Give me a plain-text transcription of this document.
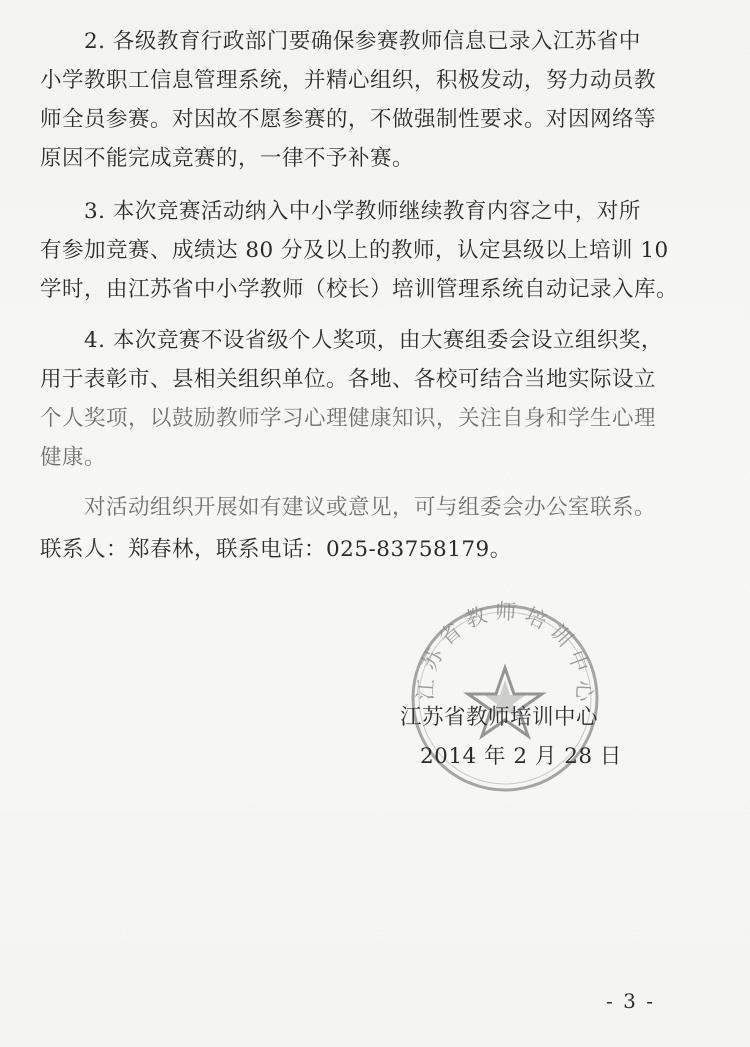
2. 各级教育行政部门要确保参赛教师信息已录入江苏省中
小学教职工信息管理系统，并精心组织，积极发动，努力动员教
师全员参赛。对因故不愿参赛的，不做强制性要求。对因网络等
原因不能完成竞赛的，一律不予补赛。
3. 本次竞赛活动纳入中小学教师继续教育内容之中，对所
有参加竞赛、成绩达 80 分及以上的教师，认定县级以上培训 10
学时，由江苏省中小学教师（校长）培训管理系统自动记录入库。
4. 本次竞赛不设省级个人奖项，由大赛组委会设立组织奖，
用于表彰市、县相关组织单位。各地、各校可结合当地实际设立
个人奖项，以鼓励教师学习心理健康知识，关注自身和学生心理
健康。
对活动组织开展如有建议或意见，可与组委会办公室联系。
联系人：郑春林，联系电话：025-83758179。
江苏省教师培训中心
江苏省教师培训中心
2014 年 2 月 28 日
- 3 -
